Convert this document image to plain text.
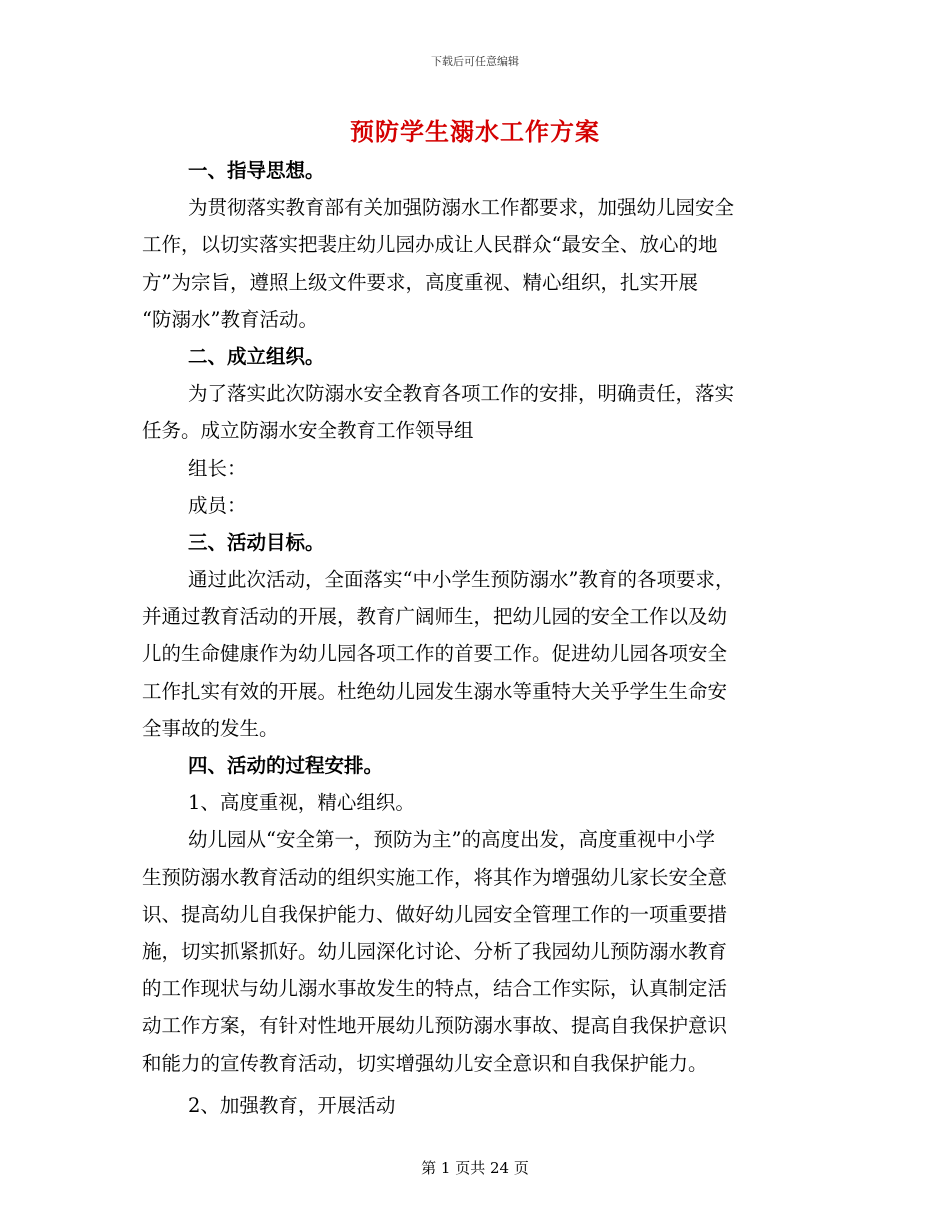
下载后可任意编辑
预防学生溺水工作方案
一、指导思想。
为贯彻落实教育部有关加强防溺水工作都要求，加强幼儿园安全
工作，以切实落实把裴庄幼儿园办成让人民群众“最安全、放心的地
方”为宗旨，遵照上级文件要求，高度重视、精心组织，扎实开展
“防溺水”教育活动。
二、成立组织。
为了落实此次防溺水安全教育各项工作的安排，明确责任，落实
任务。成立防溺水安全教育工作领导组
组长：
成员：
三、活动目标。
通过此次活动，全面落实“中小学生预防溺水”教育的各项要求，
并通过教育活动的开展，教育广阔师生，把幼儿园的安全工作以及幼
儿的生命健康作为幼儿园各项工作的首要工作。促进幼儿园各项安全
工作扎实有效的开展。杜绝幼儿园发生溺水等重特大关乎学生生命安
全事故的发生。
四、活动的过程安排。
1、高度重视，精心组织。
幼儿园从“安全第一，预防为主”的高度出发，高度重视中小学
生预防溺水教育活动的组织实施工作，将其作为增强幼儿家长安全意
识、提高幼儿自我保护能力、做好幼儿园安全管理工作的一项重要措
施，切实抓紧抓好。幼儿园深化讨论、分析了我园幼儿预防溺水教育
的工作现状与幼儿溺水事故发生的特点，结合工作实际，认真制定活
动工作方案，有针对性地开展幼儿预防溺水事故、提高自我保护意识
和能力的宣传教育活动，切实增强幼儿安全意识和自我保护能力。
2、加强教育，开展活动
第 1 页共 24 页
